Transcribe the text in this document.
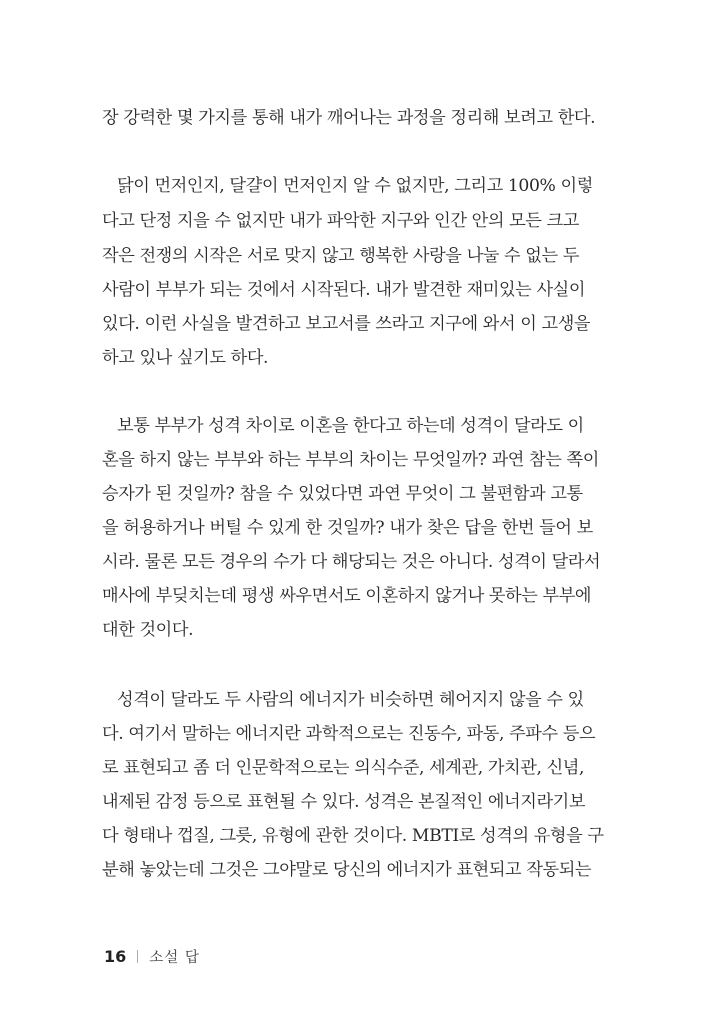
장 강력한 몇 가지를 통해 내가 깨어나는 과정을 정리해 보려고 한다.
닭이 먼저인지, 달걀이 먼저인지 알 수 없지만, 그리고 100% 이렇
다고 단정 지을 수 없지만 내가 파악한 지구와 인간 안의 모든 크고
작은 전쟁의 시작은 서로 맞지 않고 행복한 사랑을 나눌 수 없는 두
사람이 부부가 되는 것에서 시작된다. 내가 발견한 재미있는 사실이
있다. 이런 사실을 발견하고 보고서를 쓰라고 지구에 와서 이 고생을
하고 있나 싶기도 하다.
보통 부부가 성격 차이로 이혼을 한다고 하는데 성격이 달라도 이
혼을 하지 않는 부부와 하는 부부의 차이는 무엇일까? 과연 참는 쪽이
승자가 된 것일까? 참을 수 있었다면 과연 무엇이 그 불편함과 고통
을 허용하거나 버틸 수 있게 한 것일까? 내가 찾은 답을 한번 들어 보
시라. 물론 모든 경우의 수가 다 해당되는 것은 아니다. 성격이 달라서
매사에 부딪치는데 평생 싸우면서도 이혼하지 않거나 못하는 부부에
대한 것이다.
성격이 달라도 두 사람의 에너지가 비슷하면 헤어지지 않을 수 있
다. 여기서 말하는 에너지란 과학적으로는 진동수, 파동, 주파수 등으
로 표현되고 좀 더 인문학적으로는 의식수준, 세계관, 가치관, 신념,
내제된 감정 등으로 표현될 수 있다. 성격은 본질적인 에너지라기보
다 형태나 껍질, 그릇, 유형에 관한 것이다. MBTI로 성격의 유형을 구
분해 놓았는데 그것은 그야말로 당신의 에너지가 표현되고 작동되는
16 소설 답
